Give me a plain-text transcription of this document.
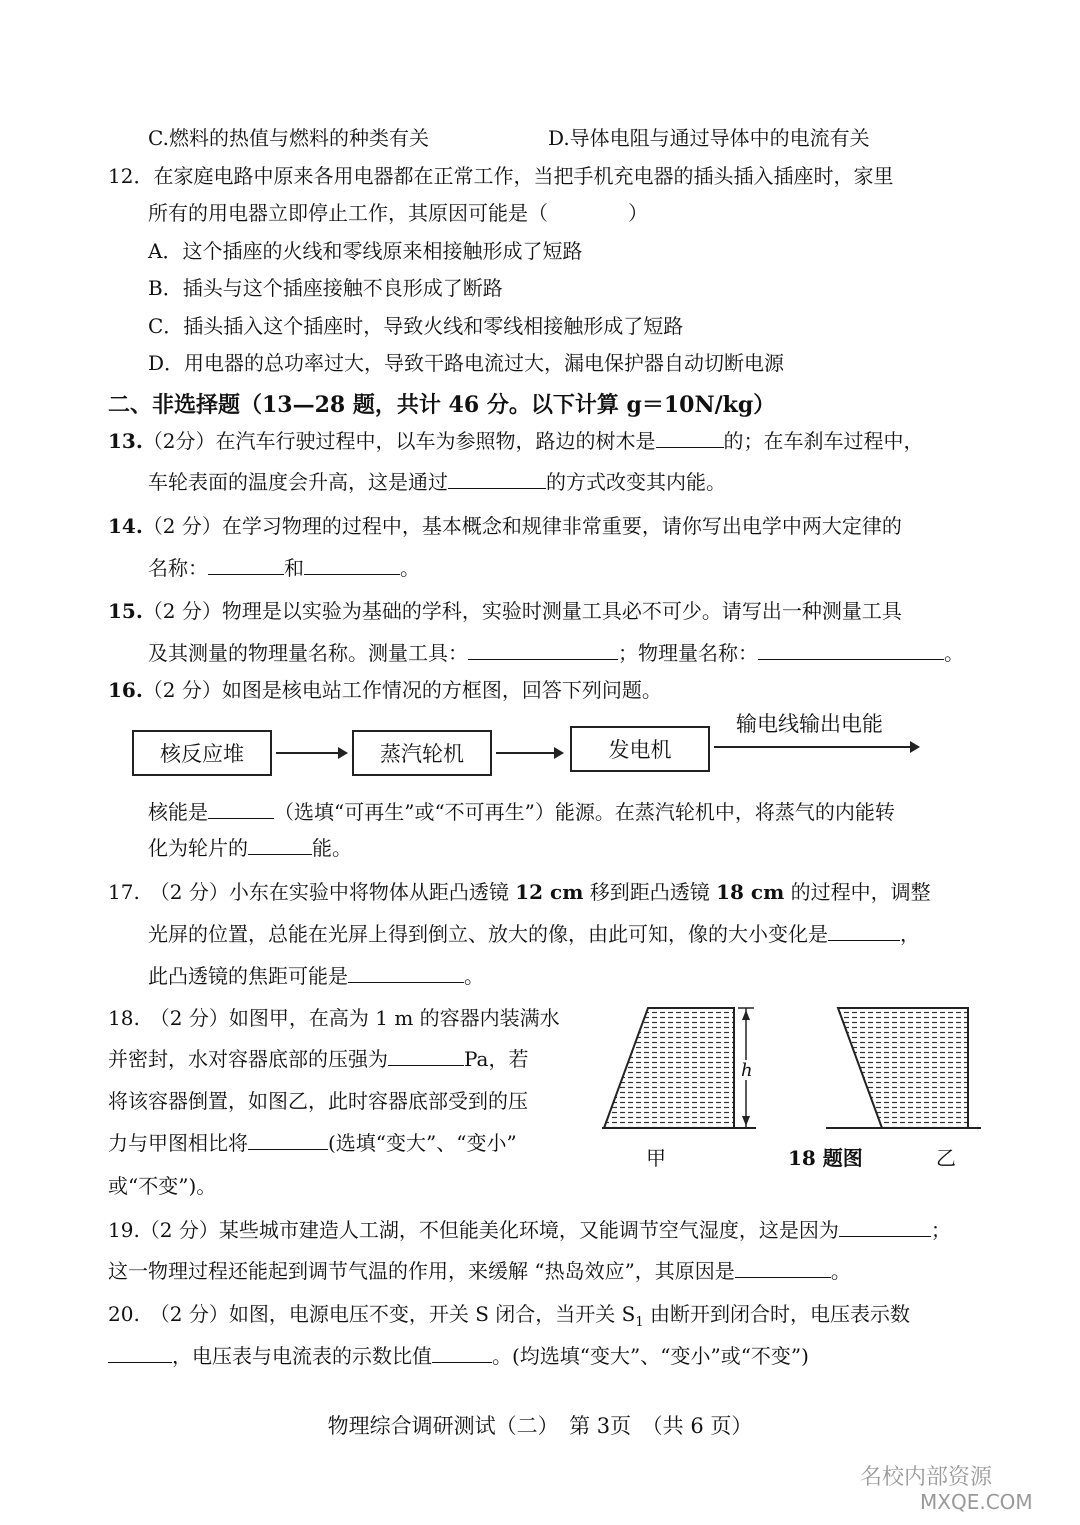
C.燃料的热值与燃料的种类有关	D.导体电阻与通过导体中的电流有关
12．在家庭电路中原来各用电器都在正常工作，当把手机充电器的插头插入插座时，家里
所有的用电器立即停止工作，其原因可能是（　　　　）
A．这个插座的火线和零线原来相接触形成了短路
B．插头与这个插座接触不良形成了断路
C．插头插入这个插座时，导致火线和零线相接触形成了短路
D．用电器的总功率过大，导致干路电流过大，漏电保护器自动切断电源
二、非选择题（13—28 题，共计 46 分。以下计算 g＝10N/kg）
13.（2分）在汽车行驶过程中，以车为参照物，路边的树木是	的；在车刹车过程中，
车轮表面的温度会升高，这是通过	的方式改变其内能。
14.（2 分）在学习物理的过程中，基本概念和规律非常重要，请你写出电学中两大定律的
名称：	和	。
15.（2 分）物理是以实验为基础的学科，实验时测量工具必不可少。请写出一种测量工具
及其测量的物理量名称。测量工具：	；物理量名称：	。
16.（2 分）如图是核电站工作情况的方框图，回答下列问题。
核反应堆	蒸汽轮机	发电机
输电线输出电能
核能是	（选填“可再生”或“不可再生”）能源。在蒸汽轮机中，将蒸气的内能转
化为轮片的	能。
17.　（2 分）小东在实验中将物体从距凸透镜 12 cm 移到距凸透镜 18 cm 的过程中，调整
光屏的位置，总能在光屏上得到倒立、放大的像，由此可知，像的大小变化是	，
此凸透镜的焦距可能是	。
18.　（2 分）如图甲，在高为 1 m 的容器内装满水
并密封，水对容器底部的压强为	Pa，若
将该容器倒置，如图乙，此时容器底部受到的压
力与甲图相比将	(选填“变大”、“变小”
或“不变”)。
h
甲	18 题图	乙
19.（2 分）某些城市建造人工湖，不但能美化环境，又能调节空气湿度，这是因为	；
这一物理过程还能起到调节气温的作用，来缓解 “热岛效应”，其原因是	。
20.　（2 分）如图，电源电压不变，开关 S 闭合，当开关 $S_1$ 由断开到闭合时，电压表示数
，电压表与电流表的示数比值	。(均选填“变大”、“变小”或“不变”)
物理综合调研测试（二）　第 3页　（共 6 页）
名校内部资源
MXQE.COM
